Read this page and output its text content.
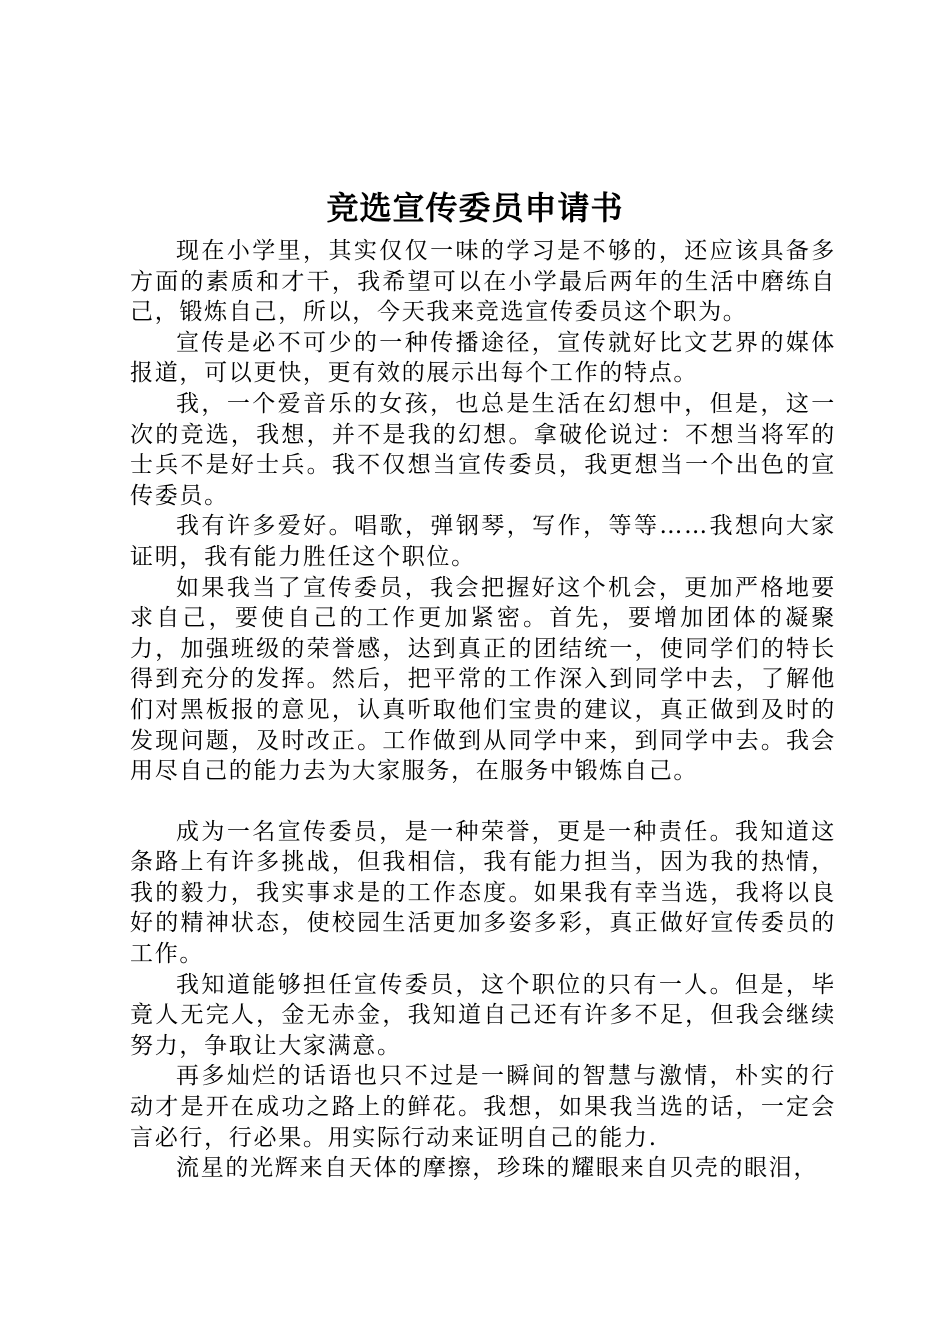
竞选宣传委员申请书

现在小学里，其实仅仅一味的学习是不够的，还应该具备多方面的素质和才干，我希望可以在小学最后两年的生活中磨练自己，锻炼自己，所以，今天我来竞选宣传委员这个职为。

宣传是必不可少的一种传播途径，宣传就好比文艺界的媒体报道，可以更快，更有效的展示出每个工作的特点。

我，一个爱音乐的女孩，也总是生活在幻想中，但是，这一次的竞选，我想，并不是我的幻想。拿破伦说过：不想当将军的士兵不是好士兵。我不仅想当宣传委员，我更想当一个出色的宣传委员。

我有许多爱好。唱歌，弹钢琴，写作，等等……我想向大家证明，我有能力胜任这个职位。

如果我当了宣传委员，我会把握好这个机会，更加严格地要求自己，要使自己的工作更加紧密。首先，要增加团体的凝聚力，加强班级的荣誉感，达到真正的团结统一，使同学们的特长得到充分的发挥。然后，把平常的工作深入到同学中去，了解他们对黑板报的意见，认真听取他们宝贵的建议，真正做到及时的发现问题，及时改正。工作做到从同学中来，到同学中去。我会用尽自己的能力去为大家服务，在服务中锻炼自己。

成为一名宣传委员，是一种荣誉，更是一种责任。我知道这条路上有许多挑战，但我相信，我有能力担当，因为我的热情，我的毅力，我实事求是的工作态度。如果我有幸当选，我将以良好的精神状态，使校园生活更加多姿多彩，真正做好宣传委员的工作。

我知道能够担任宣传委员，这个职位的只有一人。但是，毕竟人无完人，金无赤金，我知道自己还有许多不足，但我会继续努力，争取让大家满意。

再多灿烂的话语也只不过是一瞬间的智慧与激情，朴实的行动才是开在成功之路上的鲜花。我想，如果我当选的话，一定会言必行，行必果。用实际行动来证明自己的能力.

流星的光辉来自天体的摩擦，珍珠的耀眼来自贝壳的眼泪，
